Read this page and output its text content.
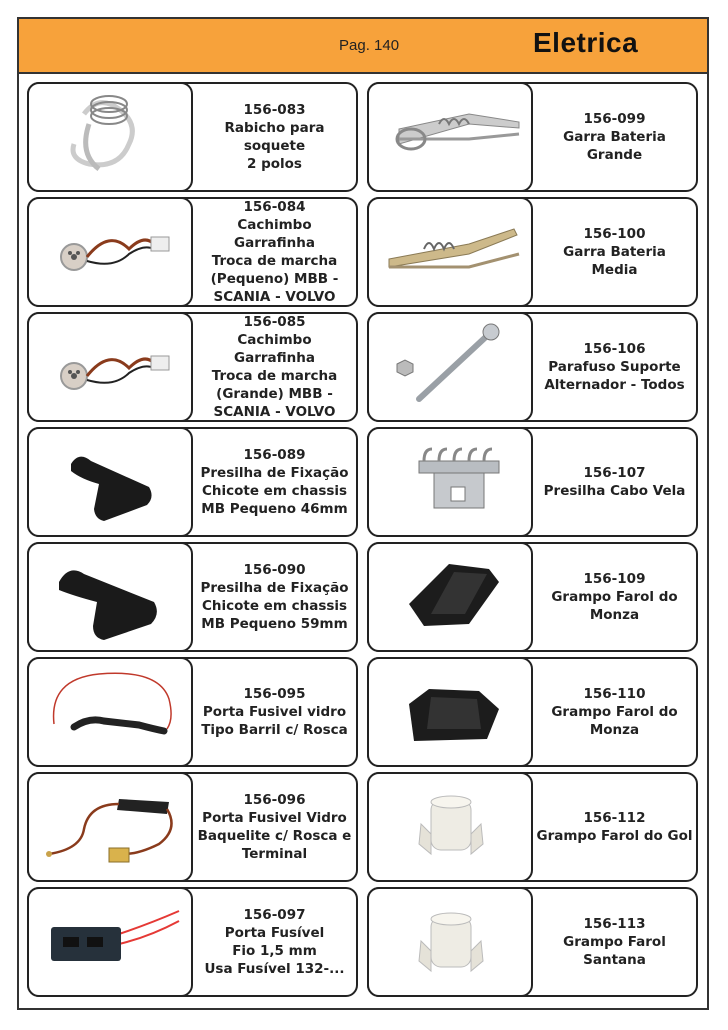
Pag. 140	Eletrica
156-083
Rabicho para
soquete
2 polos
156-084
Cachimbo Garrafinha
Troca de marcha
(Pequeno) MBB -
SCANIA - VOLVO
156-085
Cachimbo Garrafinha
Troca de marcha
(Grande) MBB -
SCANIA - VOLVO
156-089
Presilha de Fixação
Chicote em chassis
MB Pequeno 46mm
156-090
Presilha de Fixação
Chicote em chassis
MB Pequeno 59mm
156-095
Porta Fusivel vidro
Tipo Barril c/ Rosca
156-096
Porta Fusivel Vidro
Baquelite c/ Rosca e
Terminal
156-097
Porta Fusível
Fio 1,5 mm
Usa Fusível 132-...
156-099
Garra Bateria
Grande
156-100
Garra Bateria
Media
156-106
Parafuso Suporte
Alternador - Todos
156-107
Presilha Cabo Vela
156-109
Grampo Farol do
Monza
156-110
Grampo Farol do
Monza
156-112
Grampo Farol do Gol
156-113
Grampo Farol
Santana
